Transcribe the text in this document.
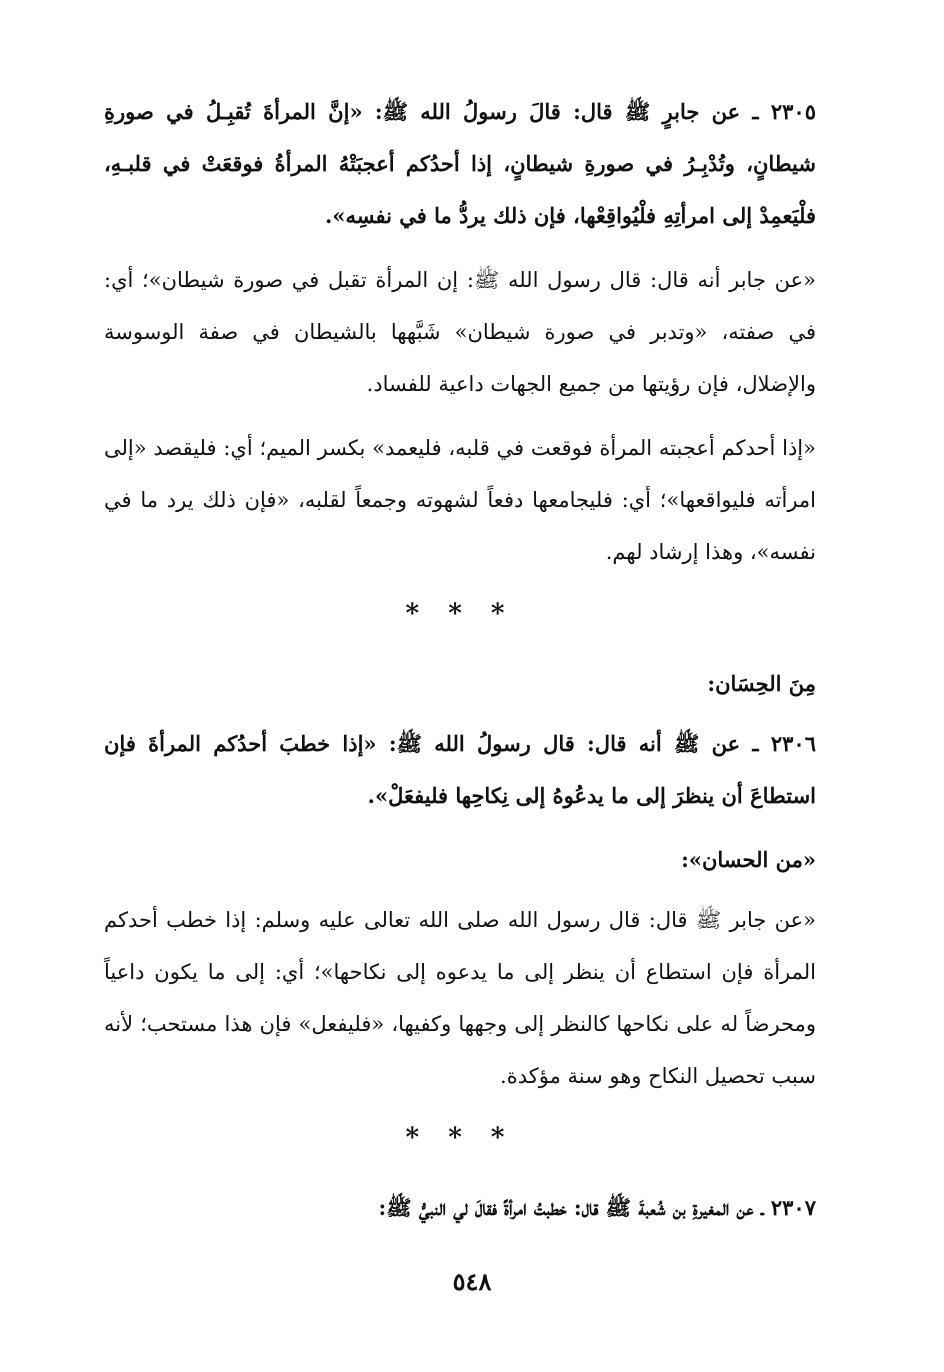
٢٣٠٥ ـ عن جابرٍ ﷺ قال: قالَ رسولُ الله ﷺ: «إنَّ المرأةَ تُقبِـلُ في صورةِ شيطانٍ، وتُدْبِـرُ في صورةِ شيطانٍ، إذا أحدُكم أعجبَتْهُ المرأةُ فوقعَتْ في قلبـهِ، فلْيَعمِدْ إلى امرأتِهِ فلْيُواقِعْها، فإن ذلك يردُّ ما في نفسِه».

«عن جابر أنه قال: قال رسول الله ﷺ: إن المرأة تقبل في صورة شيطان»؛ أي: في صفته، «وتدبر في صورة شيطان» شَبَّهها بالشيطان في صفة الوسوسة والإضلال، فإن رؤيتها من جميع الجهات داعية للفساد.

«إذا أحدكم أعجبته المرأة فوقعت في قلبه، فليعمد» بكسر الميم؛ أي: فليقصد «إلى امرأته فليواقعها»؛ أي: فليجامعها دفعاً لشهوته وجمعاً لقلبه، «فإن ذلك يرد ما في نفسه»، وهذا إرشاد لهم.

* * *
مِنَ الحِسَان:

٢٣٠٦ ـ عن ﷺ أنه قال: قال رسولُ الله ﷺ: «إذا خطبَ أحدُكم المرأةَ فإن استطاعَ أن ينظرَ إلى ما يدعُوهُ إلى نِكاحِها فليفعَلْ».

«من الحسان»:

«عن جابر ﷺ قال: قال رسول الله صلى الله تعالى عليه وسلم: إذا خطب أحدكم المرأة فإن استطاع أن ينظر إلى ما يدعوه إلى نكاحها»؛ أي: إلى ما يكون داعياً ومحرضاً له على نكاحها كالنظر إلى وجهها وكفيها، «فليفعل» فإن هذا مستحب؛ لأنه سبب تحصيل النكاح وهو سنة مؤكدة.

* * *

٢٣٠٧ ـ عن المغيرةِ بن شُعبةَ ﷺ قال: خطبتُ امرأةً فقالَ لي النبيُّ ﷺ:

٥٤٨
